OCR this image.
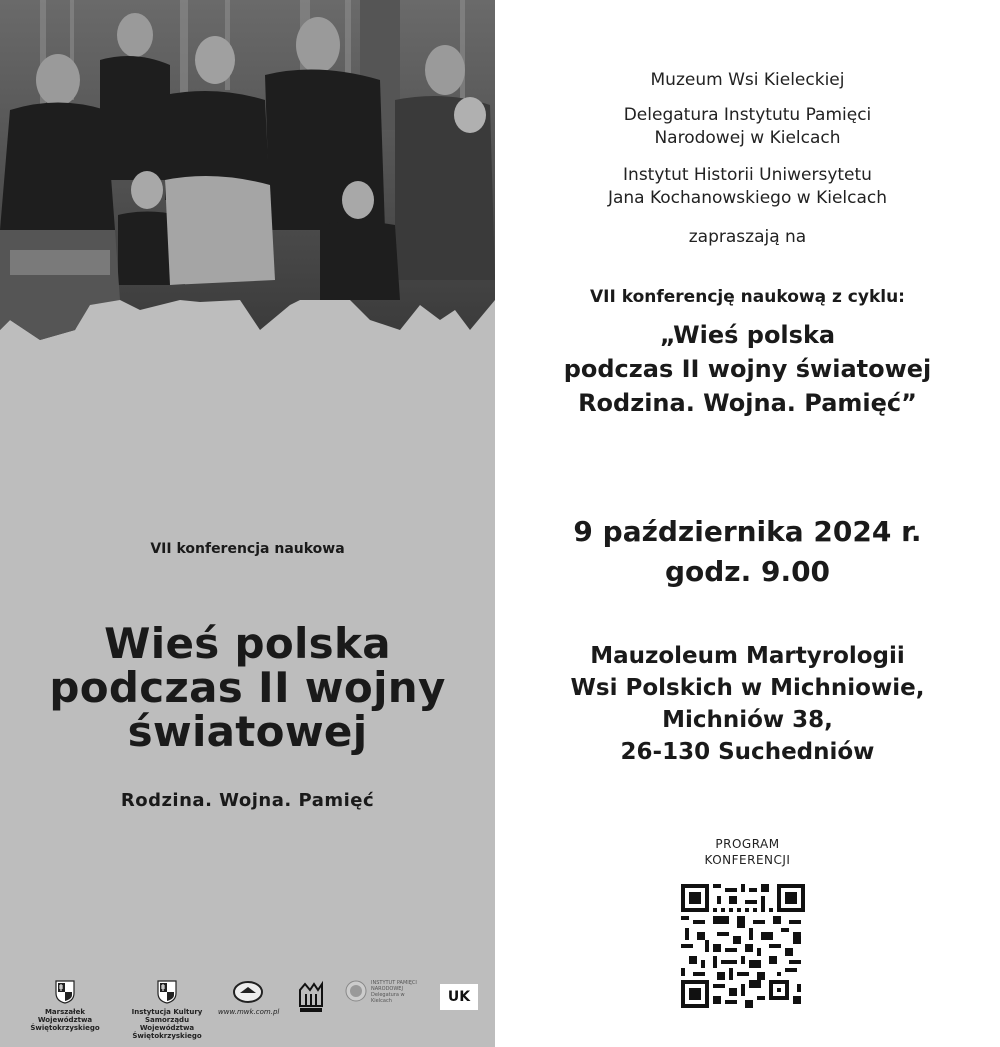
VII konferencja naukowa
Wieś polska
podczas II wojny
światowej
Rodzina. Wojna. Pamięć
Marszałek
Województwa Świętokrzyskiego
Instytucja Kultury
Samorządu Województwa
Świętokrzyskiego
www.mwk.com.pl
INSTYTUT PAMIĘCI
NARODOWEJ
Delegatura w Kielcach	UK
Muzeum Wsi Kieleckiej
Delegatura Instytutu Pamięci
Narodowej w Kielcach
Instytut Historii Uniwersytetu
Jana Kochanowskiego w Kielcach
zapraszają na
VII konferencję naukową z cyklu:
„Wieś polska
podczas II wojny światowej
Rodzina. Wojna. Pamięć”
9 października 2024 r.
godz. 9.00
Mauzoleum Martyrologii
Wsi Polskich w Michniowie,
Michniów 38,
26-130 Suchedniów
PROGRAM
KONFERENCJI
